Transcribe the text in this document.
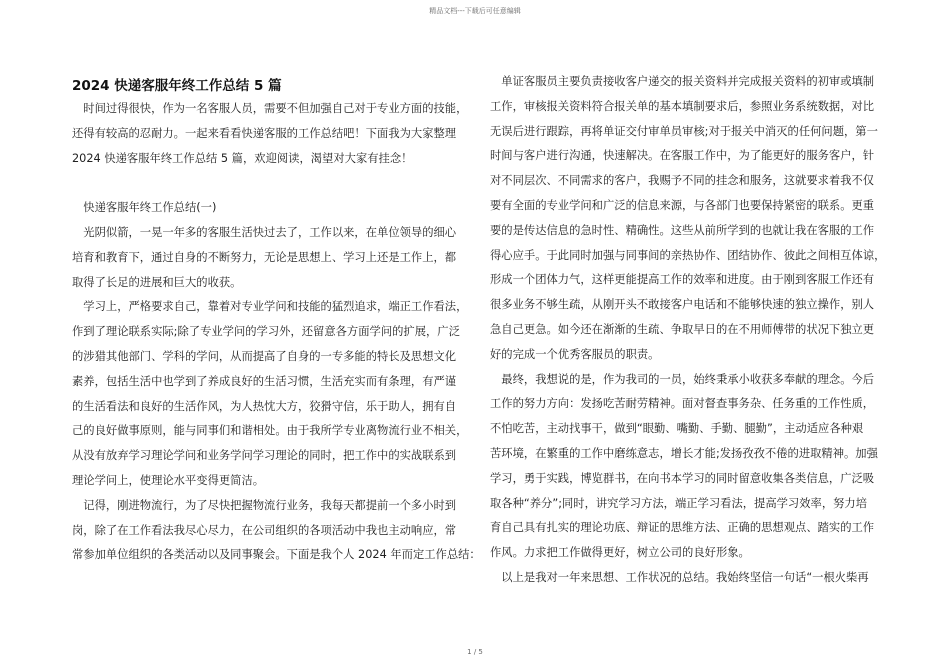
精品文档---下载后可任意编辑
2024 快递客服年终工作总结 5 篇
　时间过得很快，作为一名客服人员，需要不但加强自己对于专业方面的技能，
还得有较高的忍耐力。一起来看看快递客服的工作总结吧！下面我为大家整理
2024 快递客服年终工作总结 5 篇，欢迎阅读，渴望对大家有挂念！
　快递客服年终工作总结(一)
　光阴似箭，一晃一年多的客服生活快过去了，工作以来，在单位领导的细心
培育和教育下，通过自身的不断努力，无论是思想上、学习上还是工作上，都
取得了长足的进展和巨大的收获。
　学习上，严格要求自己，靠着对专业学问和技能的猛烈追求，端正工作看法，
作到了理论联系实际;除了专业学问的学习外，还留意各方面学问的扩展，广泛
的涉猎其他部门、学科的学问，从而提高了自身的一专多能的特长及思想文化
素养，包括生活中也学到了养成良好的生活习惯，生活充实而有条理，有严谨
的生活看法和良好的生活作风，为人热忱大方，狡猾守信，乐于助人，拥有自
己的良好做事原则，能与同事们和谐相处。由于我所学专业离物流行业不相关，
从没有放弃学习理论学问和业务学问学习理论的同时，把工作中的实战联系到
理论学问上，使理论水平变得更简洁。
　记得，刚进物流行，为了尽快把握物流行业务，我每天都提前一个多小时到
岗，除了在工作看法我尽心尽力，在公司组织的各项活动中我也主动响应，常
常参加单位组织的各类活动以及同事聚会。下面是我个人 2024 年而定工作总结：
　单证客服员主要负责接收客户递交的报关资料并完成报关资料的初审或填制
工作，审核报关资料符合报关单的基本填制要求后，参照业务系统数据，对比
无误后进行跟踪，再将单证交付审单员审核;对于报关中消灭的任何问题，第一
时间与客户进行沟通，快速解决。在客服工作中，为了能更好的服务客户，针
对不同层次、不同需求的客户，我赐予不同的挂念和服务，这就要求着我不仅
要有全面的专业学问和广泛的信息来源，与各部门也要保持紧密的联系。更重
要的是传达信息的急时性、精确性。这些从前所学到的也就让我在客服的工作
得心应手。于此同时加强与同事间的亲热协作、团结协作、彼此之间相互体谅，
形成一个团体力气，这样更能提高工作的效率和进度。由于刚到客服工作还有
很多业务不够生疏，从刚开头不敢接客户电话和不能够快速的独立操作，别人
急自己更急。如今还在渐渐的生疏、争取早日的在不用师傅带的状况下独立更
好的完成一个优秀客服员的职责。
　最终，我想说的是，作为我司的一员，始终秉承小收获多奉献的理念。今后
工作的努力方向：发扬吃苦耐劳精神。面对督查事务杂、任务重的工作性质，
不怕吃苦，主动找事干，做到“眼勤、嘴勤、手勤、腿勤”，主动适应各种艰
苦环境，在繁重的工作中磨练意志，增长才能;发扬孜孜不倦的进取精神。加强
学习，勇于实践，博览群书，在向书本学习的同时留意收集各类信息，广泛吸
取各种“养分”;同时，讲究学习方法，端正学习看法，提高学习效率，努力培
育自己具有扎实的理论功底、辩证的思维方法、正确的思想观点、踏实的工作
作风。力求把工作做得更好，树立公司的良好形象。
　以上是我对一年来思想、工作状况的总结。我始终坚信一句话“一根火柴再
1 / 5
